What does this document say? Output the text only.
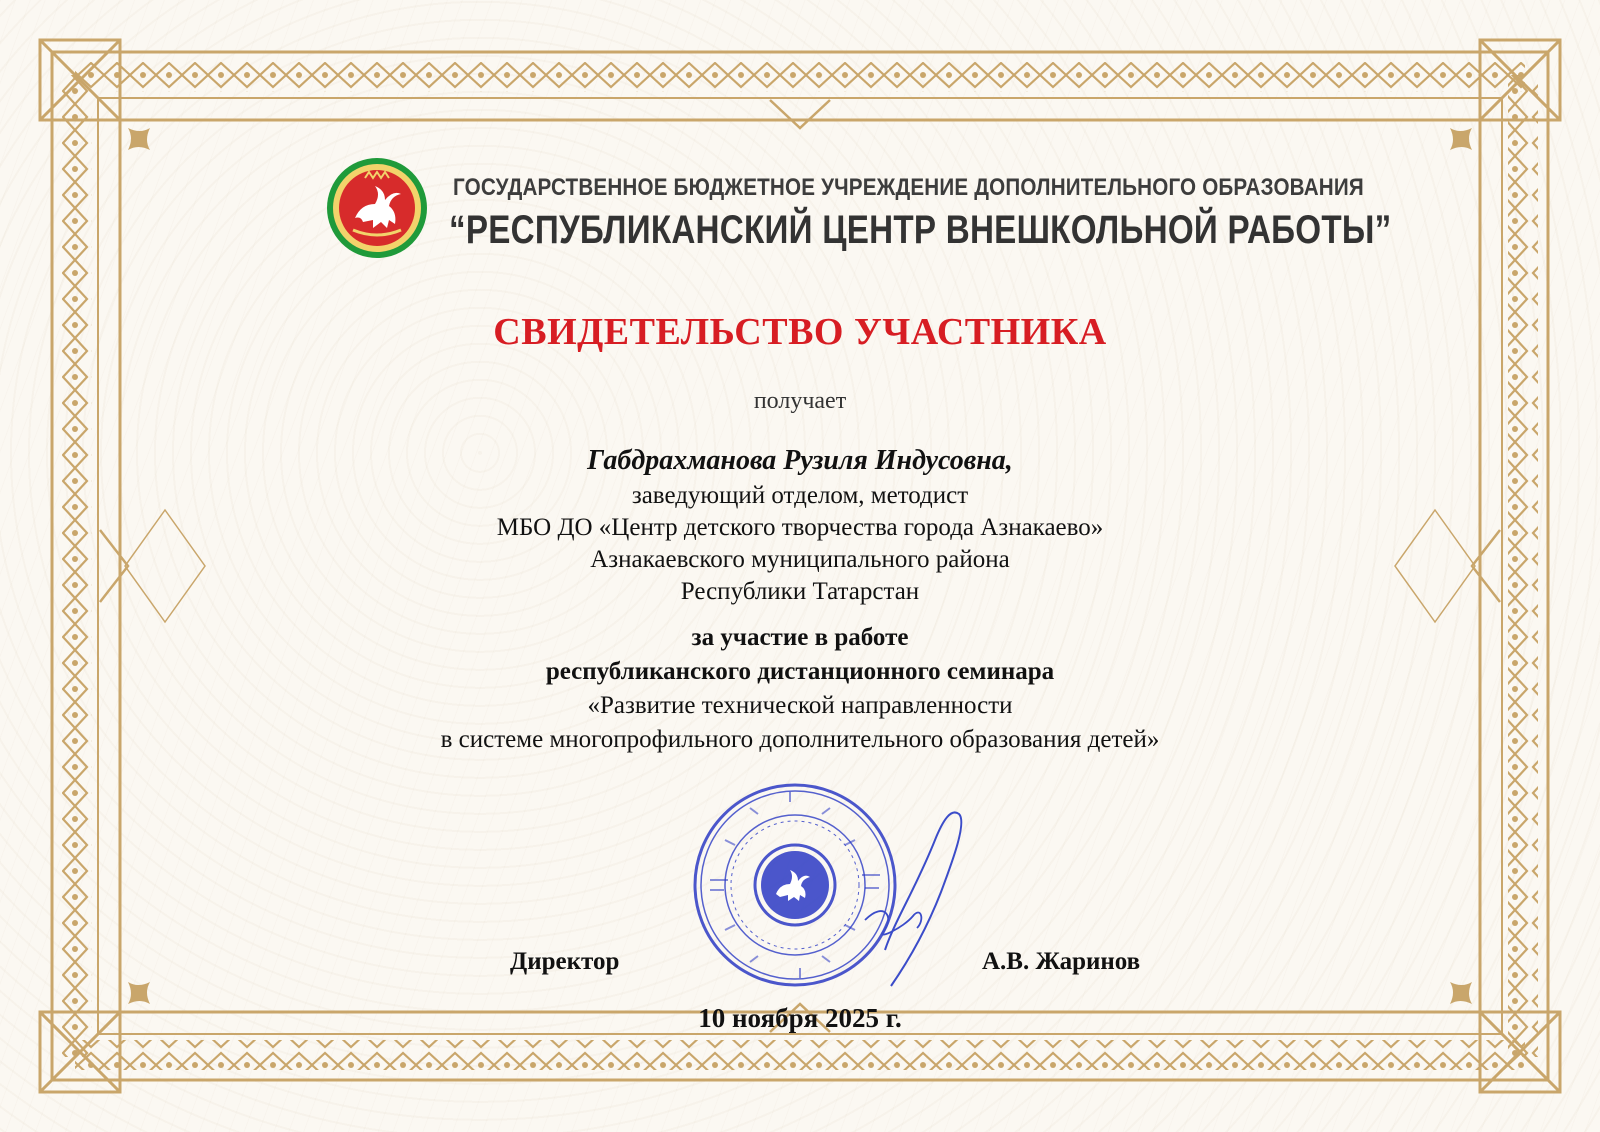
ГОСУДАРСТВЕННОЕ БЮДЖЕТНОЕ УЧРЕЖДЕНИЕ ДОПОЛНИТЕЛЬНОГО ОБРАЗОВАНИЯ
“РЕСПУБЛИКАНСКИЙ ЦЕНТР ВНЕШКОЛЬНОЙ РАБОТЫ”
СВИДЕТЕЛЬСТВО УЧАСТНИКА
получает
Габдрахманова Рузиля Индусовна,
заведующий отделом, методист
МБО ДО «Центр детского творчества города Азнакаево»
Азнакаевского муниципального района
Республики Татарстан
за участие в работе
республиканского дистанционного семинара
«Развитие технической направленности
в системе многопрофильного дополнительного образования детей»
Директор	А.В. Жаринов
10 ноября 2025 г.
